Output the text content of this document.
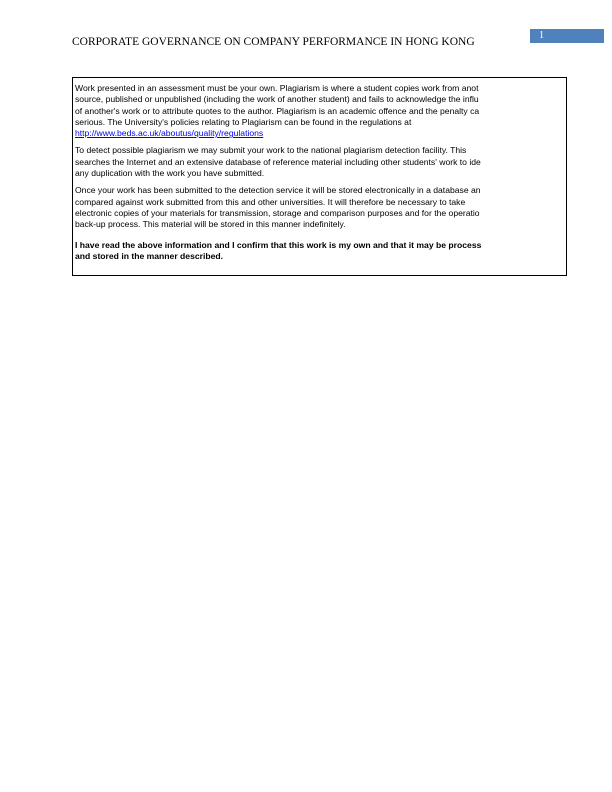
CORPORATE GOVERNANCE ON COMPANY PERFORMANCE IN HONG KONG
1

Work presented in an assessment must be your own. Plagiarism is where a student copies work from anot
source, published or unpublished (including the work of another student) and fails to acknowledge the influ
of another's work or to attribute quotes to the author. Plagiarism is an academic offence and the penalty ca
serious. The University's policies relating to Plagiarism can be found in the regulations at
http://www.beds.ac.uk/aboutus/quality/regulations

To detect possible plagiarism we may submit your work to the national plagiarism detection facility. This
searches the Internet and an extensive database of reference material including other students' work to ide
any duplication with the work you have submitted.

Once your work has been submitted to the detection service it will be stored electronically in a database an
compared against work submitted from this and other universities. It will therefore be necessary to take
electronic copies of your materials for transmission, storage and comparison purposes and for the operatio
back-up process. This material will be stored in this manner indefinitely.

I have read the above information and I confirm that this work is my own and that it may be process
and stored in the manner described.
